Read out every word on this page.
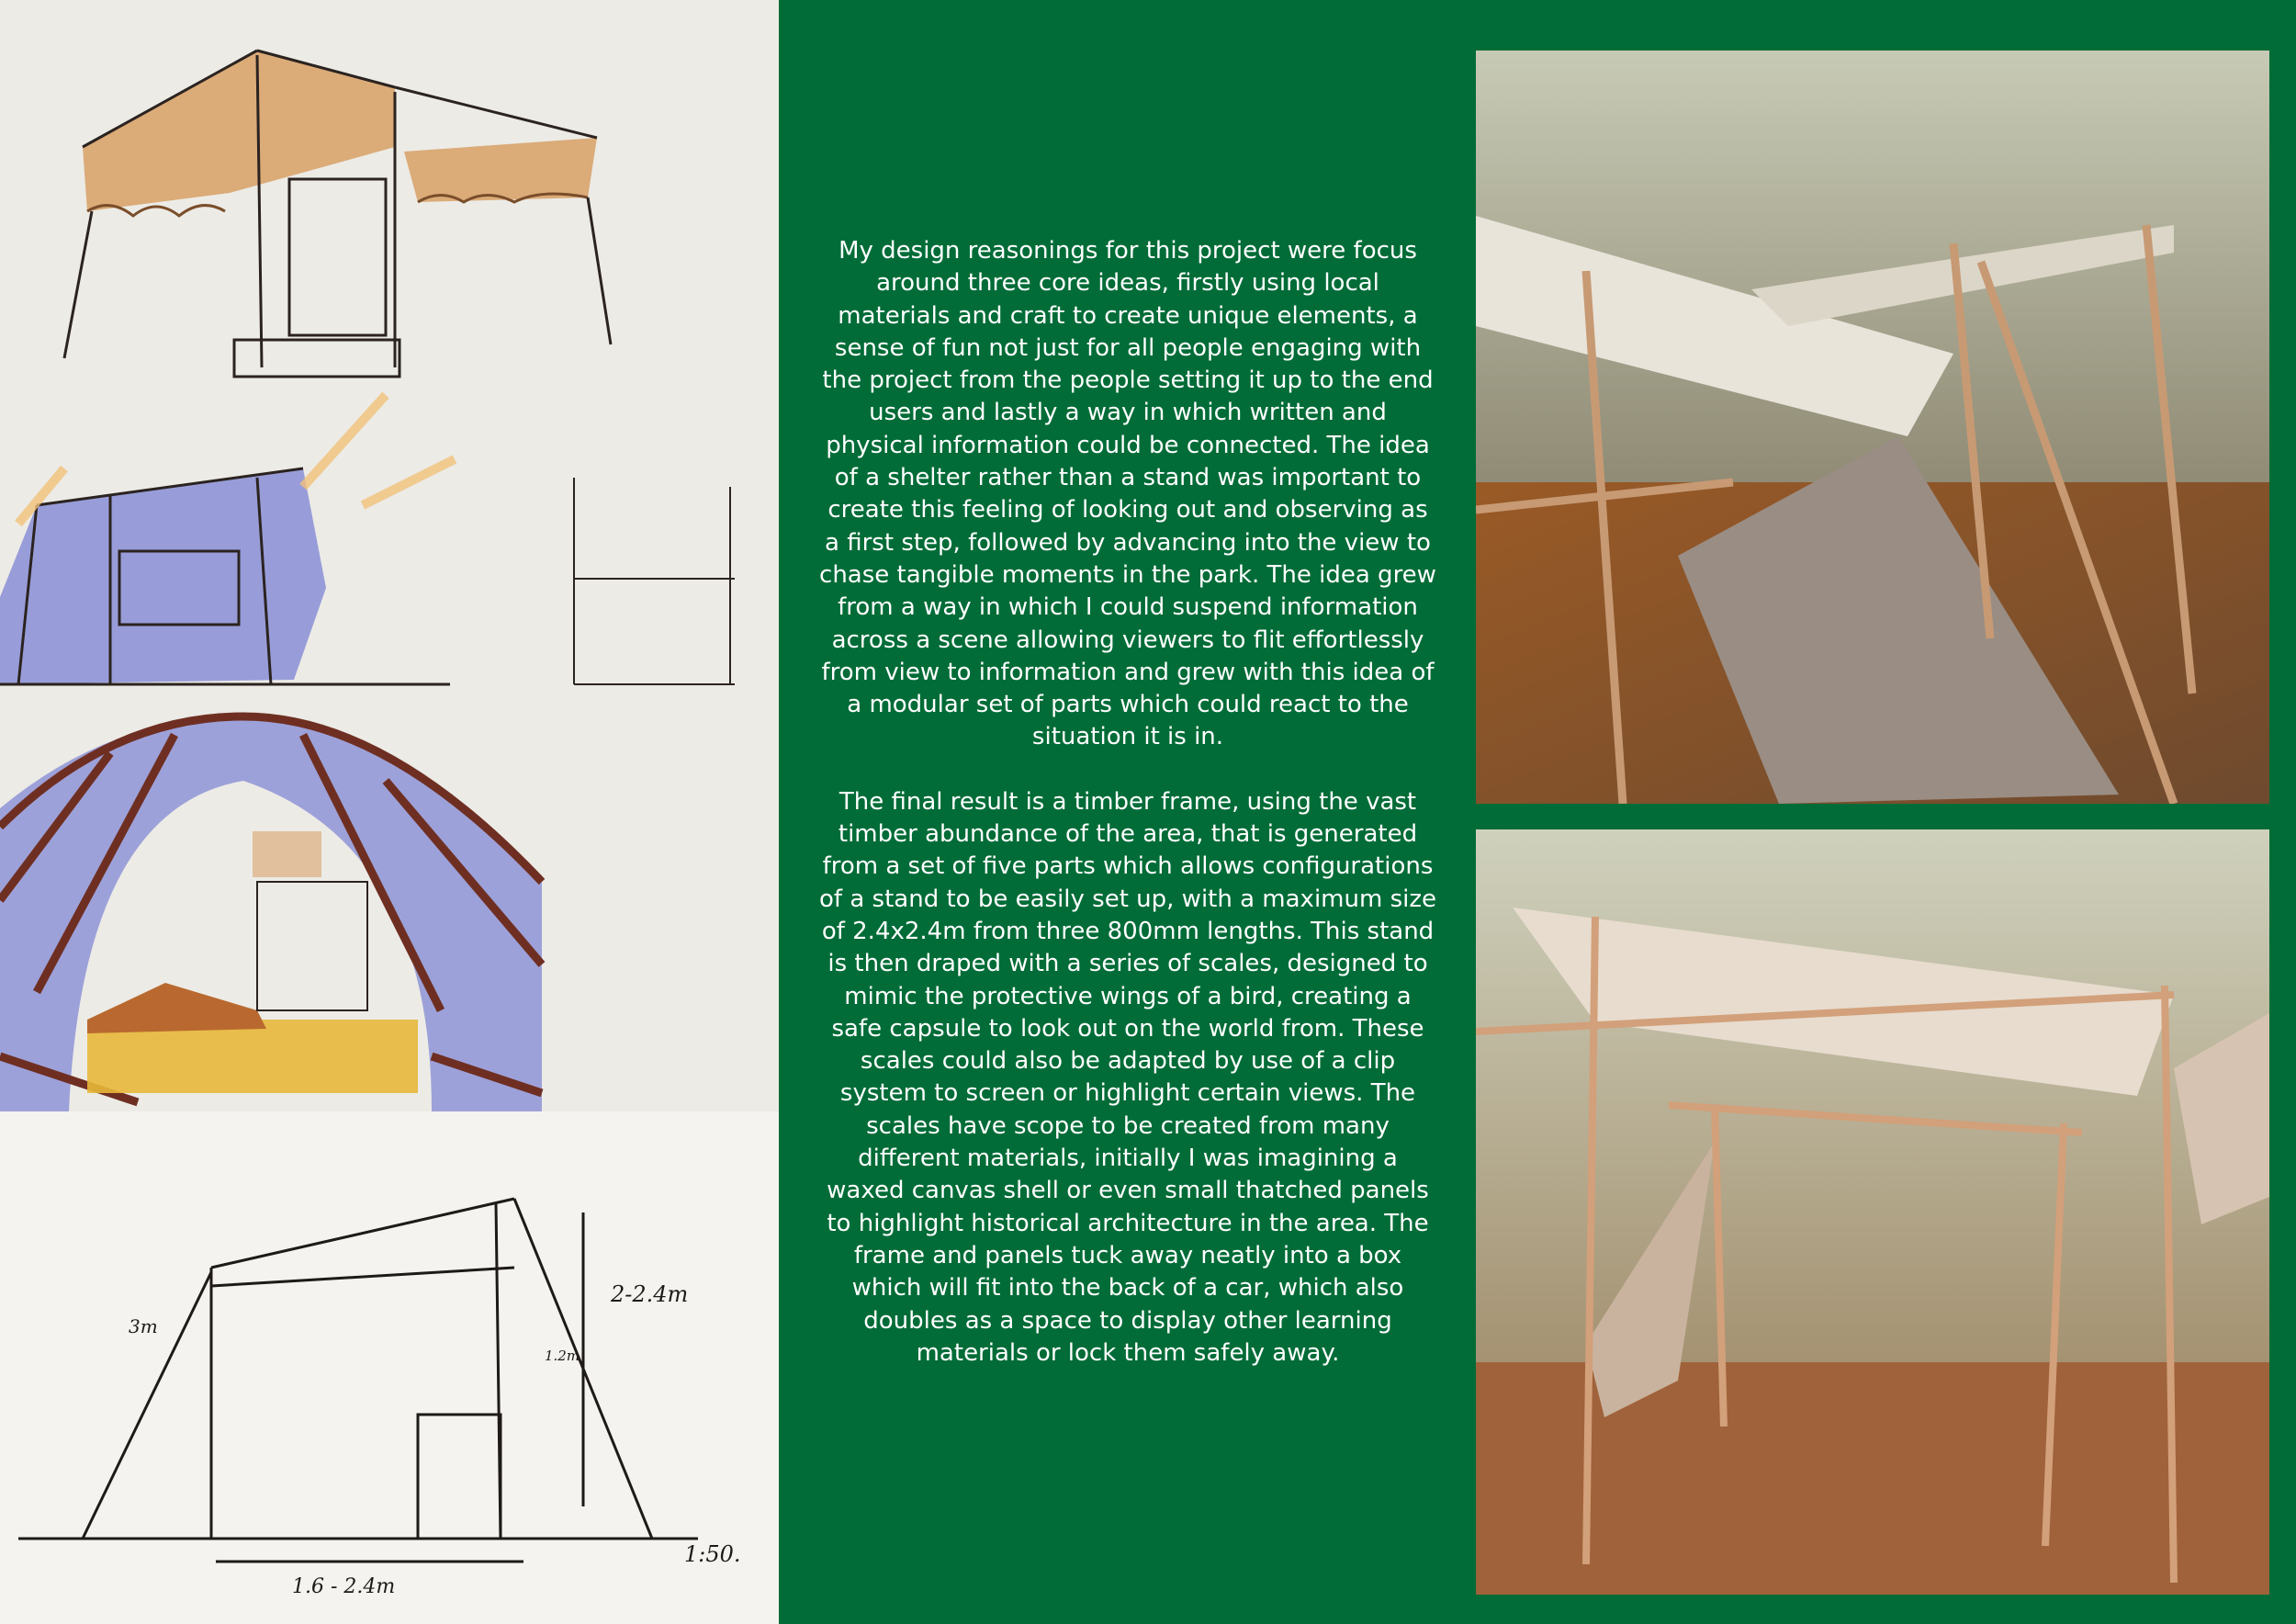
2-2.4m
1.6 - 2.4m
1:50.
3m
1.2m

My design reasonings for this project were focus around three core ideas, firstly using local materials and craft to create unique elements, a sense of fun not just for all people engaging with the project from the people setting it up to the end users and lastly a way in which written and physical information could be connected. The idea of a shelter rather than a stand was important to create this feeling of looking out and observing as a first step, followed by advancing into the view to chase tangible moments in the park. The idea grew from a way in which I could suspend information across a scene allowing viewers to flit effortlessly from view to information and grew with this idea of a modular set of parts which could react to the situation it is in.

The final result is a timber frame, using the vast timber abundance of the area, that is generated from a set of five parts which allows configurations of a stand to be easily set up, with a maximum size of 2.4x2.4m from three 800mm lengths. This stand is then draped with a series of scales, designed to mimic the protective wings of a bird, creating a safe capsule to look out on the world from. These scales could also be adapted by use of a clip system to screen or highlight certain views. The scales have scope to be created from many different materials, initially I was imagining a waxed canvas shell or even small thatched panels to highlight historical architecture in the area. The frame and panels tuck away neatly into a box which will fit into the back of a car, which also doubles as a space to display other learning materials or lock them safely away.
